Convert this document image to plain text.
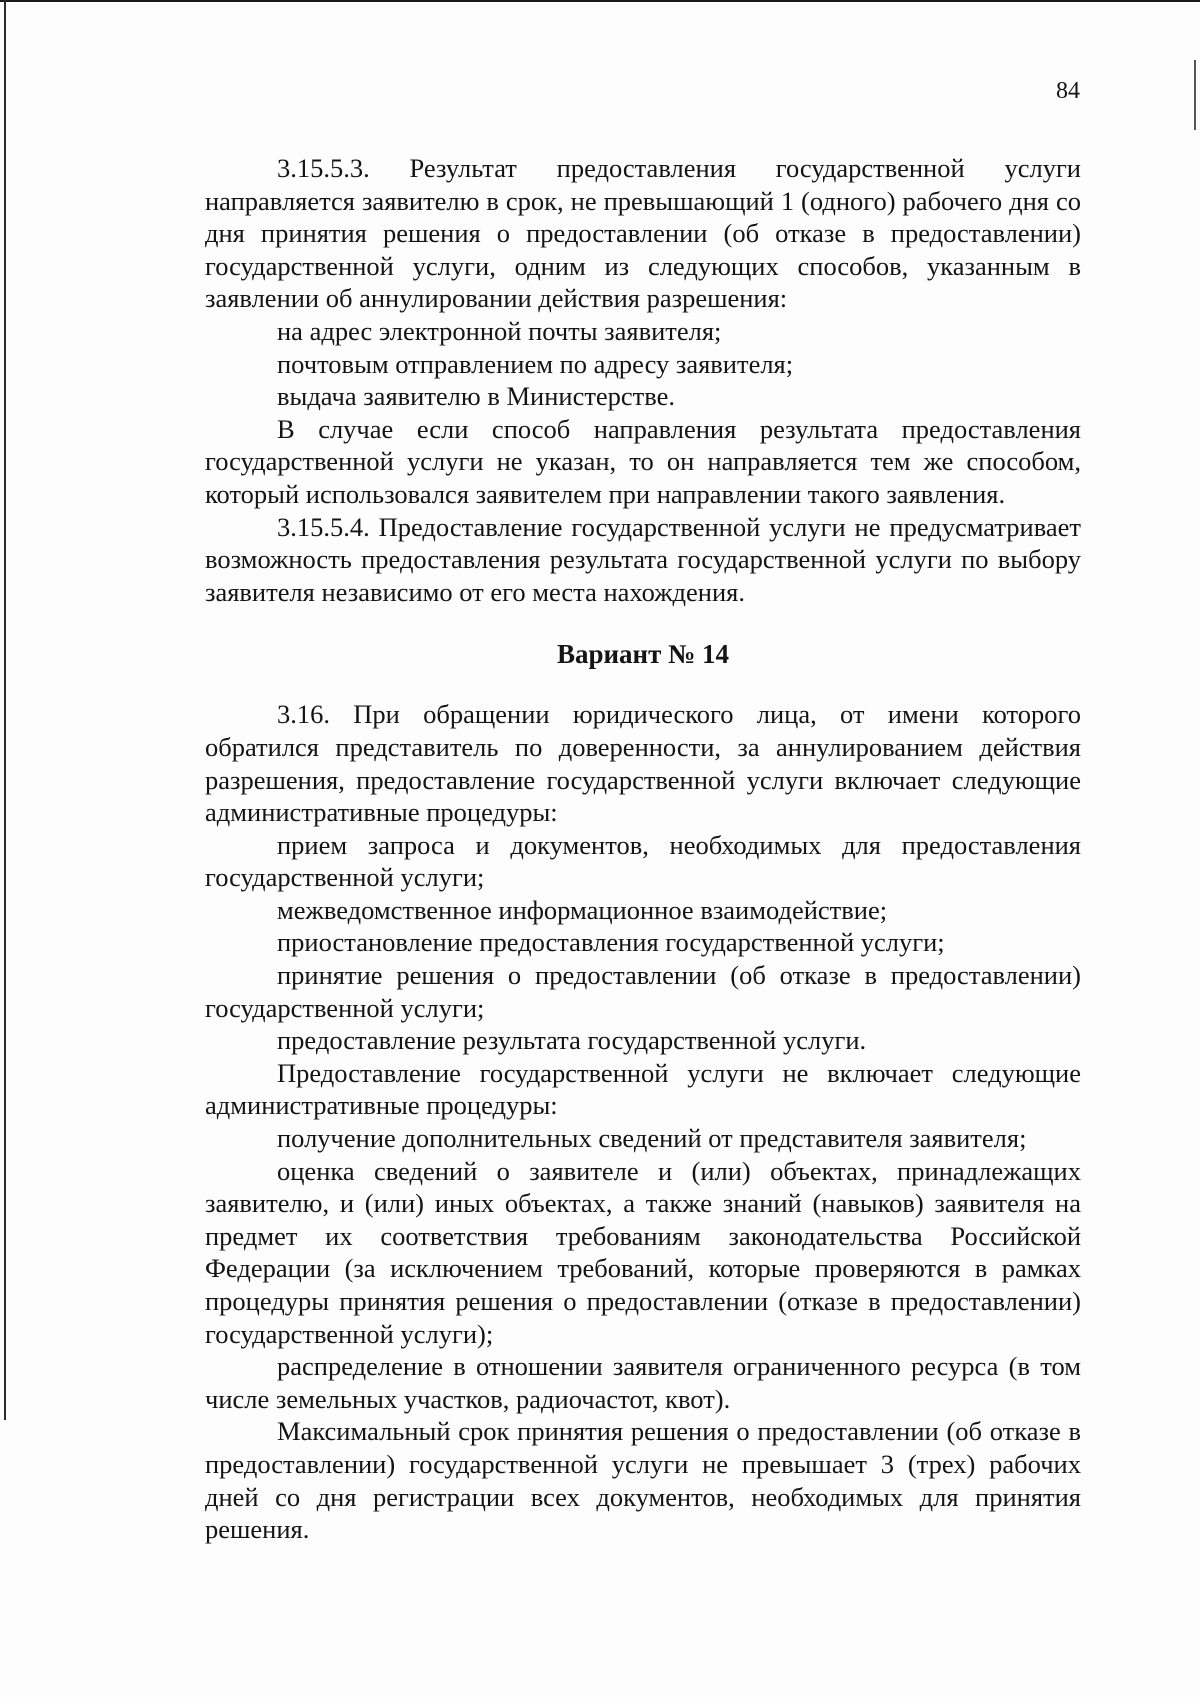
84

3.15.5.3. Результат предоставления государственной услуги направляется заявителю в срок, не превышающий 1 (одного) рабочего дня со дня принятия решения о предоставлении (об отказе в предоставлении) государственной услуги, одним из следующих способов, указанным в заявлении об аннулировании действия разрешения:

на адрес электронной почты заявителя;

почтовым отправлением по адресу заявителя;

выдача заявителю в Министерстве.

В случае если способ направления результата предоставления государственной услуги не указан, то он направляется тем же способом, который использовался заявителем при направлении такого заявления.

3.15.5.4. Предоставление государственной услуги не предусматривает возможность предоставления результата государственной услуги по выбору заявителя независимо от его места нахождения.

Вариант № 14

3.16. При обращении юридического лица, от имени которого обратился представитель по доверенности, за аннулированием действия разрешения, предоставление государственной услуги включает следующие административные процедуры:

прием запроса и документов, необходимых для предоставления государственной услуги;

межведомственное информационное взаимодействие;

приостановление предоставления государственной услуги;

принятие решения о предоставлении (об отказе в предоставлении) государственной услуги;

предоставление результата государственной услуги.

Предоставление государственной услуги не включает следующие административные процедуры:

получение дополнительных сведений от представителя заявителя;

оценка сведений о заявителе и (или) объектах, принадлежащих заявителю, и (или) иных объектах, а также знаний (навыков) заявителя на предмет их соответствия требованиям законодательства Российской Федерации (за исключением требований, которые проверяются в рамках процедуры принятия решения о предоставлении (отказе в предоставлении) государственной услуги);

распределение в отношении заявителя ограниченного ресурса (в том числе земельных участков, радиочастот, квот).

Максимальный срок принятия решения о предоставлении (об отказе в предоставлении) государственной услуги не превышает 3 (трех) рабочих дней со дня регистрации всех документов, необходимых для принятия решения.
